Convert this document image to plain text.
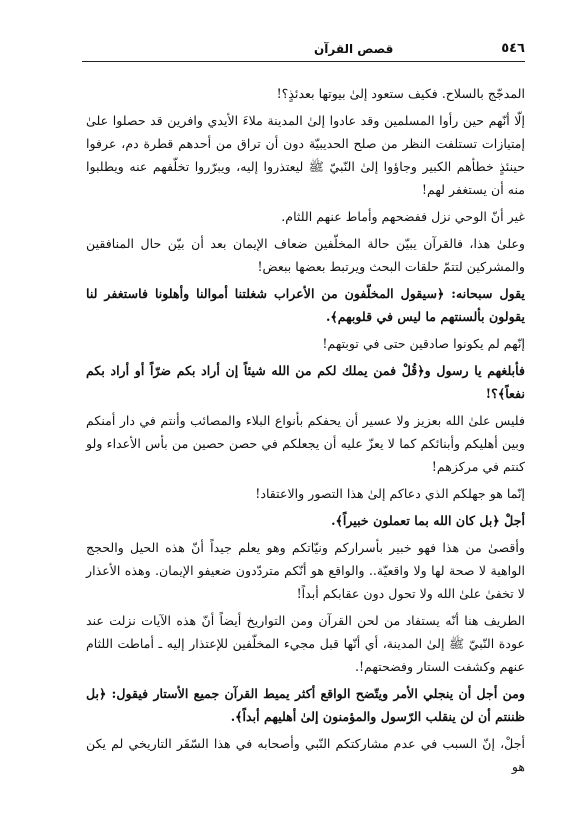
قصص القرآن	٥٤٦

المدجّج بالسلاح. فكيف ستعود إلىٰ بيوتها بعدئذٍ؟!

إلّا أنّهم حين رأوا المسلمين وقد عادوا إلىٰ المدينة ملاءَ الأيدي وافرين قد حصلوا علىٰ إمتيازات تستلفت النظر من صلح الحديبيّة دون أن تراق من أحدهم قطرة دم، عرفوا حينئذٍ خطأهم الكبير وجاؤوا إلىٰ النّبيّ ﷺ ليعتذروا إليه، ويبرّروا تخلّفهم عنه ويطلبوا منه أن يستغفر لهم!

غير أنّ الوحي نزل ففضحهم وأماط عنهم اللثام.

وعلىٰ هذا، فالقرآن يبيّن حالة المخلّفين ضعاف الإيمان بعد أن بيّن حال المنافقين والمشركين لتتمّ حلقات البحث ويرتبط بعضها ببعض!

يقول سبحانه: ﴿سيقول المخلّفون من الأعراب شغلتنا أموالنا وأهلونا فاستغفر لنا يقولون بألسنتهم ما ليس في قلوبهم﴾.

إنّهم لم يكونوا صادقين حتى في توبتهم!

فأبلغهم يا رسول و﴿قُلْ فمن يملك لكم من الله شيئاً إن أراد بكم ضرّاً أو أراد بكم نفعاً﴾؟!

فليس علىٰ الله بعزيز ولا عسير أن يحفكم بأنواع البلاء والمصائب وأنتم في دار أمنكم وبين أهليكم وأبنائكم كما لا يعزّ عليه أن يجعلكم في حصن حصين من بأس الأعداء ولو كنتم في مركزهم!

إنّما هو جهلكم الذي دعاكم إلىٰ هذا التصور والاعتقاد!

أجلْ ﴿بل كان الله بما تعملون خبيراً﴾.

وأقصىٰ من هذا فهو خبير بأسراركم ونيّاتكم وهو يعلم جيداً أنّ هذه الحيل والحجج الواهية لا صحة لها ولا واقعيّة.. والواقع هو أنّكم متردّدون ضعيفو الإيمان. وهذه الأعذار لا تخفىٰ علىٰ الله ولا تحول دون عقابكم أبداً!

الطريف هنا أنّه يستفاد من لحن القرآن ومن التواريخ أيضاً أنّ هذه الآيات نزلت عند عودة النّبيّ ﷺ إلىٰ المدينة، أي أنّها قبل مجيء المخلّفين للإعتذار إليه ـ أماطت اللثام عنهم وكشفت الستار وفضحتهم!.

ومن أجل أن ينجلي الأمر ويتّضح الواقع أكثر يميط القرآن جميع الأستار فيقول: ﴿بل ظننتم أن لن ينقلب الرّسول والمؤمنون إلىٰ أهليهم أبداً﴾.

أجلْ، إنّ السبب في عدم مشاركتكم النّبي وأصحابه في هذا السّفَر التاريخي لم يكن هو
